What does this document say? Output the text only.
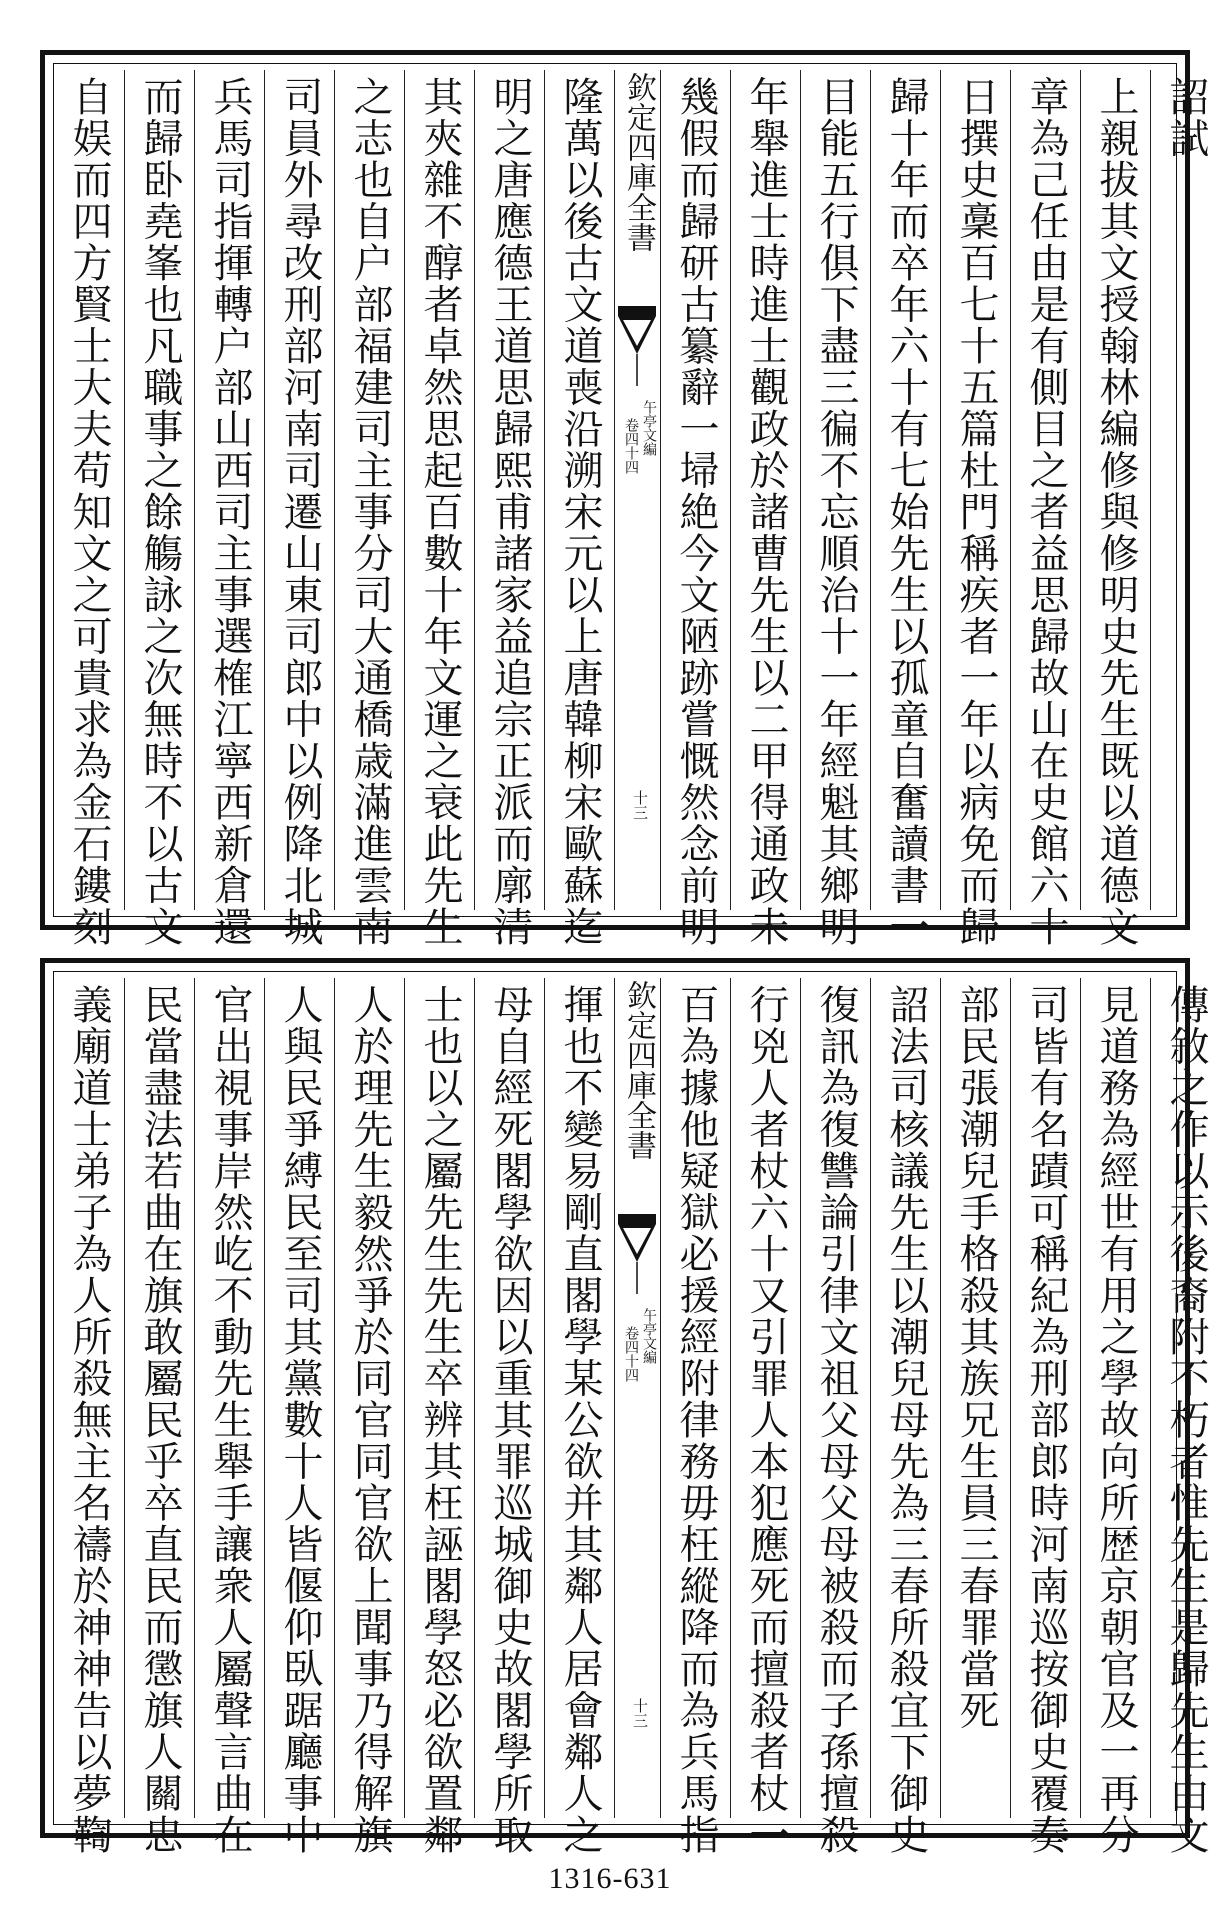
詔試
上親拔其文授翰林編修與修明史先生既以道德文
章為己任由是有側目之者益思歸故山在史館六十
日撰史稾百七十五篇杜門稱疾者一年以病免而歸
歸十年而卒年六十有七始先生以孤童自奮讀書一
目能五行俱下盡三徧不忘順治十一年經魁其鄉明
年舉進士時進士觀政於諸曹先生以二甲得通政未
幾假而歸研古纂辭一埽絶今文陋跡嘗慨然念前明
欽定四庫全書
午亭文編
卷四十四
十三
隆萬以後古文道喪沿溯宋元以上唐韓柳宋歐蘇迄
明之唐應德王道思歸熙甫諸家益追宗正派而廓清
其夾雜不醇者卓然思起百數十年文運之衰此先生
之志也自户部福建司主事分司大通橋歳滿進雲南
司員外尋改刑部河南司遷山東司郎中以例降北城
兵馬司指揮轉户部山西司主事選榷江寧西新倉還
而歸卧堯峯也凡職事之餘觴詠之次無時不以古文
自娱而四方賢士大夫苟知文之可貴求為金石鏤刻
傳敘之作以示後裔附不朽者惟先生是歸先生由文
見道務為經世有用之學故向所歴京朝官及一再分
司皆有名蹟可稱紀為刑部郎時河南巡按御史覆奏
部民張潮兒手格殺其族兄生員三春罪當死
詔法司核議先生以潮兒母先為三春所殺宜下御史
復訊為復讐論引律文祖父母父母被殺而子孫擅殺
行兇人者杖六十又引罪人本犯應死而擅殺者杖一
百為據他疑獄必援經附律務毋枉縱降而為兵馬指
欽定四庫全書
午亭文編
卷四十四
十三
揮也不變易剛直閣學某公欲并其鄰人居會鄰人之
母自經死閣學欲因以重其罪巡城御史故閣學所取
士也以之屬先生先生卒辨其枉誣閣學怒必欲置鄰
人於理先生毅然爭於同官同官欲上聞事乃得解旗
人與民爭縛民至司其黨數十人皆偃仰臥踞廳事中
官出視事岸然屹不動先生舉手讓衆人屬聲言曲在
民當盡法若曲在旗敢屬民乎卒直民而懲旗人關忠
義廟道士弟子為人所殺無主名禱於神神告以夢鞫
1316-631
